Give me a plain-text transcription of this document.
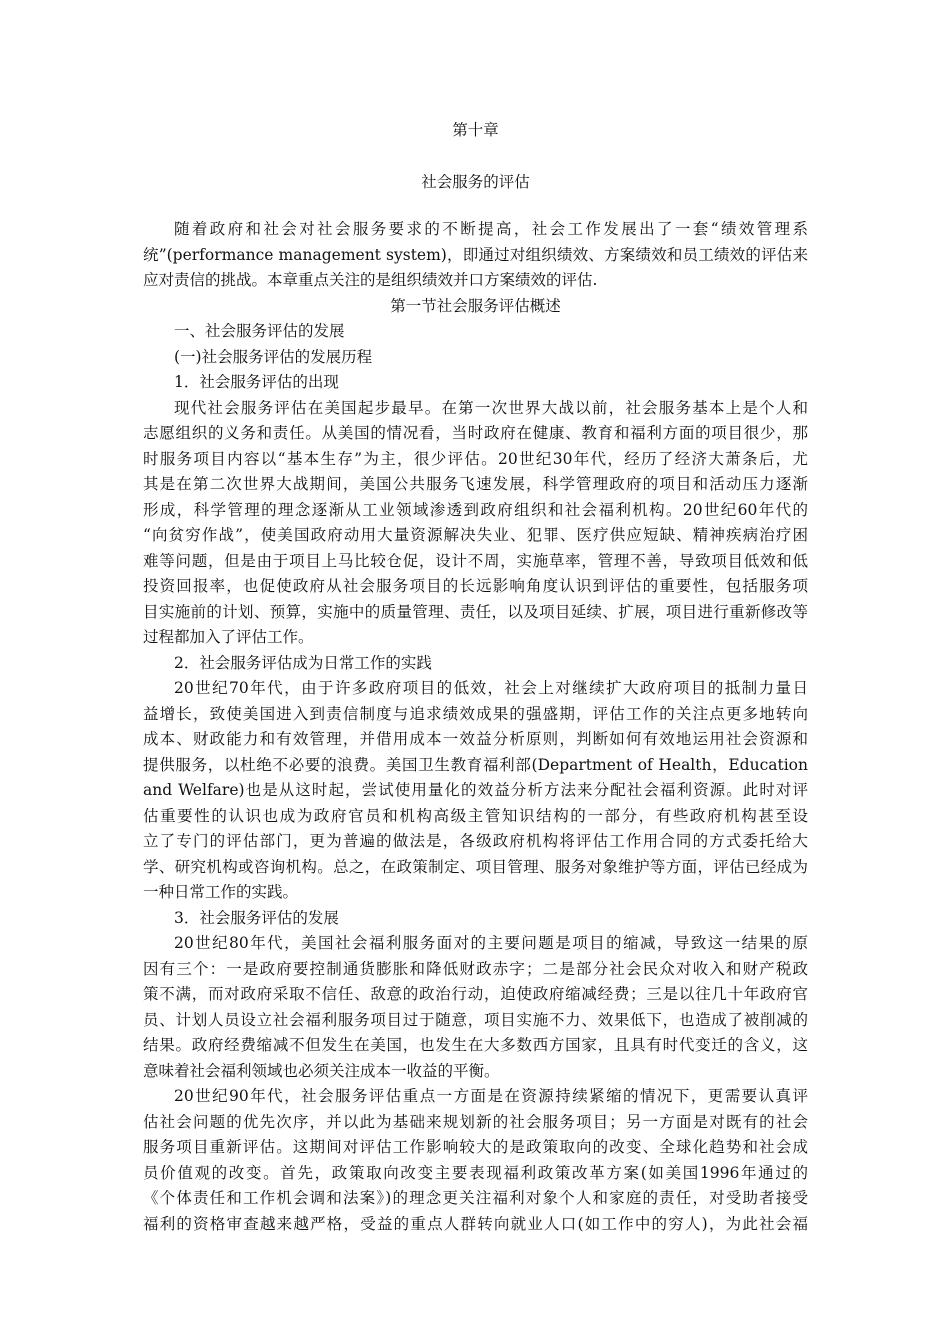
第十章
社会服务的评估
随着政府和社会对社会服务要求的不断提高，社会工作发展出了一套“绩效管理系
统”(performance management system)，即通过对组织绩效、方案绩效和员工绩效的评估来
应对责信的挑战。本章重点关注的是组织绩效并口方案绩效的评估.
第一节社会服务评估概述
一、社会服务评估的发展
(一)社会服务评估的发展历程
1．社会服务评估的出现
现代社会服务评估在美国起步最早。在第一次世界大战以前，社会服务基本上是个人和
志愿组织的义务和责任。从美国的情况看，当时政府在健康、教育和福利方面的项目很少，那
时服务项目内容以“基本生存”为主，很少评估。20世纪30年代，经历了经济大萧条后，尤
其是在第二次世界大战期间，美国公共服务飞速发展，科学管理政府的项目和活动压力逐渐
形成，科学管理的理念逐渐从工业领域渗透到政府组织和社会福利机构。20世纪60年代的
“向贫穷作战”，使美国政府动用大量资源解决失业、犯罪、医疗供应短缺、精神疾病治疗困
难等问题，但是由于项目上马比较仓促，设计不周，实施草率，管理不善，导致项目低效和低
投资回报率，也促使政府从社会服务项目的长远影响角度认识到评估的重要性，包括服务项
目实施前的计划、预算，实施中的质量管理、责任，以及项目延续、扩展，项目进行重新修改等
过程都加入了评估工作。
2．社会服务评估成为日常工作的实践
20世纪70年代，由于许多政府项目的低效，社会上对继续扩大政府项目的抵制力量日
益增长，致使美国进入到责信制度与追求绩效成果的强盛期，评估工作的关注点更多地转向
成本、财政能力和有效管理，并借用成本一效益分析原则，判断如何有效地运用社会资源和
提供服务，以杜绝不必要的浪费。美国卫生教育福利部(Department of Health，Education
and Welfare)也是从这时起，尝试使用量化的效益分析方法来分配社会福利资源。此时对评
估重要性的认识也成为政府官员和机构高级主管知识结构的一部分，有些政府机构甚至设
立了专门的评估部门，更为普遍的做法是，各级政府机构将评估工作用合同的方式委托给大
学、研究机构或咨询机构。总之，在政策制定、项目管理、服务对象维护等方面，评估已经成为
一种日常工作的实践。
3．社会服务评估的发展
20世纪80年代，美国社会福利服务面对的主要问题是项目的缩减，导致这一结果的原
因有三个：一是政府要控制通货膨胀和降低财政赤字；二是部分社会民众对收入和财产税政
策不满，而对政府采取不信任、敌意的政治行动，迫使政府缩减经费；三是以往几十年政府官
员、计划人员设立社会福利服务项目过于随意，项目实施不力、效果低下，也造成了被削减的
结果。政府经费缩减不但发生在美国，也发生在大多数西方国家，且具有时代变迁的含义，这
意味着社会福利领域也必须关注成本一收益的平衡。
20世纪90年代，社会服务评估重点一方面是在资源持续紧缩的情况下，更需要认真评
估社会问题的优先次序，并以此为基础来规划新的社会服务项目；另一方面是对既有的社会
服务项目重新评估。这期间对评估工作影响较大的是政策取向的改变、全球化趋势和社会成
员价值观的改变。首先，政策取向改变主要表现福利政策改革方案(如美国1996年通过的
《个体责任和工作机会调和法案》)的理念更关注福利对象个人和家庭的责任，对受助者接受
福利的资格审查越来越严格，受益的重点人群转向就业人口(如工作中的穷人)，为此社会福
